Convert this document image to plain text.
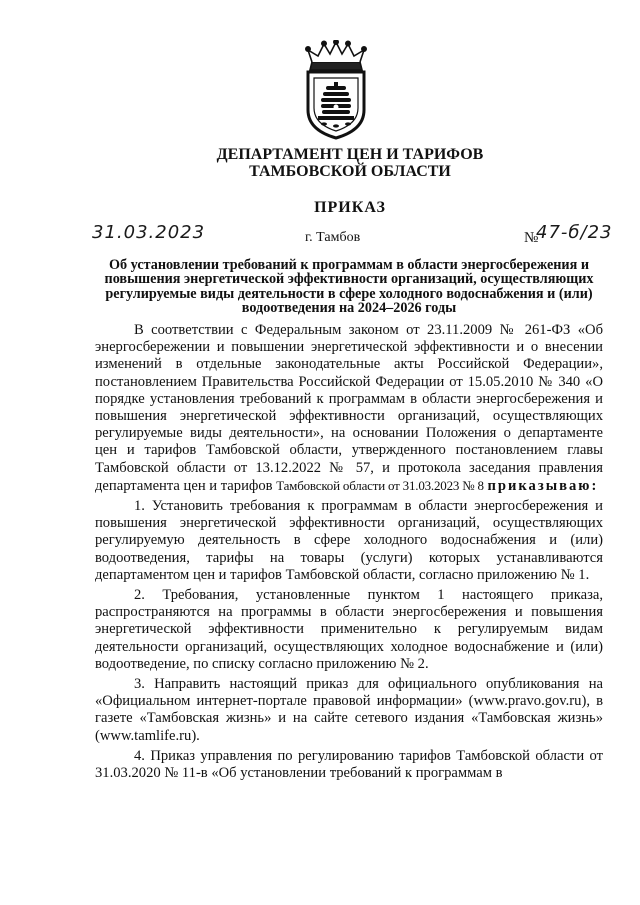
ДЕПАРТАМЕНТ ЦЕН И ТАРИФОВ
ТАМБОВСКОЙ ОБЛАСТИ
ПРИКАЗ
31.03.2023	г. Тамбов	№
47-б/23
Об установлении требований к программам в области энергосбережения и повышения энергетической эффективности организаций, осуществляющих регулируемые виды деятельности в сфере холодного водоснабжения и (или) водоотведения на 2024–2026 годы

В соответствии с Федеральным законом от 23.11.2009 № 261-ФЗ «Об энергосбережении и повышении энергетической эффективности и о внесении изменений в отдельные законодательные акты Российской Федерации», постановлением Правительства Российской Федерации от 15.05.2010 № 340 «О порядке установления требований к программам в области энергосбережения и повышения энергетической эффективности организаций, осуществляющих регулируемые виды деятельности», на основании Положения о департаменте цен и тарифов Тамбовской области, утвержденного постановлением главы Тамбовской области от 13.12.2022 № 57, и протокола заседания правления департамента цен и тарифов Тамбовской области от 31.03.2023 № 8 приказываю:

1. Установить требования к программам в области энергосбережения и повышения энергетической эффективности организаций, осуществляющих регулируемую деятельность в сфере холодного водоснабжения и (или) водоотведения, тарифы на товары (услуги) которых устанавливаются департаментом цен и тарифов Тамбовской области, согласно приложению № 1.

2. Требования, установленные пунктом 1 настоящего приказа, распространяются на программы в области энергосбережения и повышения энергетической эффективности применительно к регулируемым видам деятельности организаций, осуществляющих холодное водоснабжение и (или) водоотведение, по списку согласно приложению № 2.

3. Направить настоящий приказ для официального опубликования на «Официальном интернет-портале правовой информации» (www.pravo.gov.ru), в газете «Тамбовская жизнь» и на сайте сетевого издания «Тамбовская жизнь» (www.tamlife.ru).

4. Приказ управления по регулированию тарифов Тамбовской области от 31.03.2020 № 11-в «Об установлении требований к программам в
